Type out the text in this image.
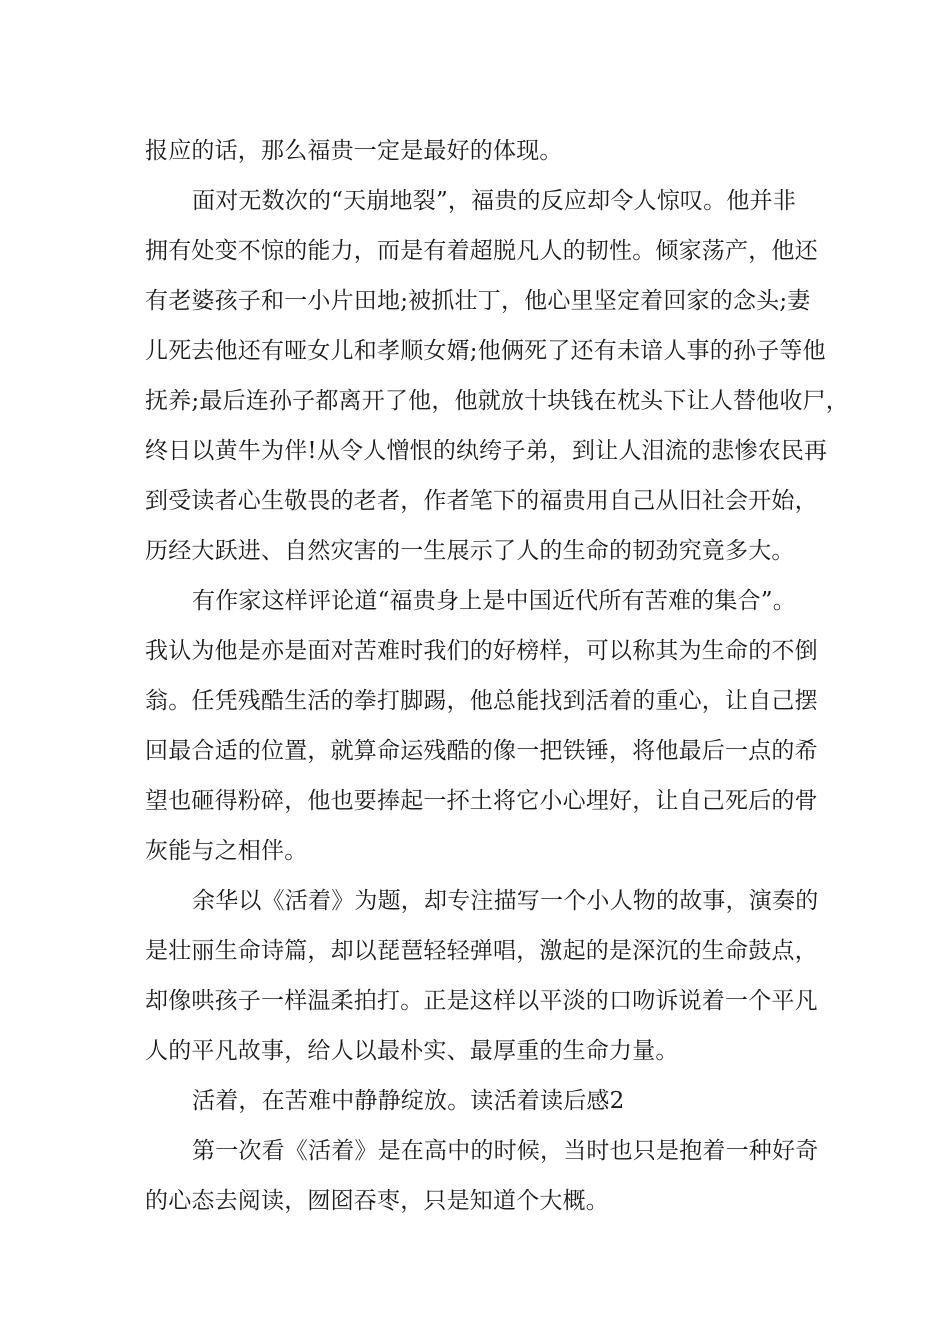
报应的话，那么福贵一定是最好的体现。
面对无数次的“天崩地裂”，福贵的反应却令人惊叹。他并非
拥有处变不惊的能力，而是有着超脱凡人的韧性。倾家荡产，他还
有老婆孩子和一小片田地;被抓壮丁，他心里坚定着回家的念头;妻
儿死去他还有哑女儿和孝顺女婿;他俩死了还有未谙人事的孙子等他
抚养;最后连孙子都离开了他，他就放十块钱在枕头下让人替他收尸，
终日以黄牛为伴!从令人憎恨的纨绔子弟，到让人泪流的悲惨农民再
到受读者心生敬畏的老者，作者笔下的福贵用自己从旧社会开始，
历经大跃进、自然灾害的一生展示了人的生命的韧劲究竟多大。
有作家这样评论道“福贵身上是中国近代所有苦难的集合”。
我认为他是亦是面对苦难时我们的好榜样，可以称其为生命的不倒
翁。任凭残酷生活的拳打脚踢，他总能找到活着的重心，让自己摆
回最合适的位置，就算命运残酷的像一把铁锤，将他最后一点的希
望也砸得粉碎，他也要捧起一抔土将它小心埋好，让自己死后的骨
灰能与之相伴。
余华以《活着》为题，却专注描写一个小人物的故事，演奏的
是壮丽生命诗篇，却以琵琶轻轻弹唱，激起的是深沉的生命鼓点，
却像哄孩子一样温柔拍打。正是这样以平淡的口吻诉说着一个平凡
人的平凡故事，给人以最朴实、最厚重的生命力量。
活着，在苦难中静静绽放。读活着读后感2
第一次看《活着》是在高中的时候，当时也只是抱着一种好奇
的心态去阅读，囫囵吞枣，只是知道个大概。
